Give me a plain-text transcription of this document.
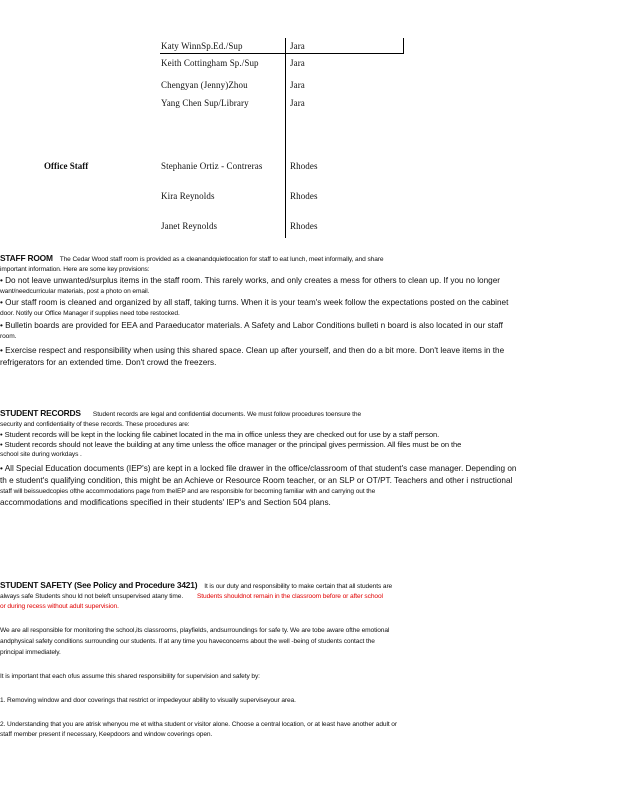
Katy WinnSp.Ed./Sup	Jara
Keith Cottingham Sp./Sup	Jara
Chengyan (Jenny)Zhou	Jara
Yang Chen Sup/Library	Jara
Office Staff	Stephanie Ortiz - Contreras	Rhodes
Kira Reynolds	Rhodes
Janet Reynolds	Rhodes

STAFF ROOM The Cedar Wood staff room is provided as a cleanandquietlocation for staff to eat lunch, meet informally, and share

important information. Here are some key provisions:

• Do not leave unwanted/surplus items in the staff room. This rarely works, and only creates a mess for others to clean up. If you no longer

want/needcurricular materials, post a photo on email.

• Our staff room is cleaned and organized by all staff, taking turns. When it is your team's week follow the expectations posted on the cabinet

door. Notify our Office Manager if supplies need tobe restocked.

• Bulletin boards are provided for EEA and Paraeducator materials. A Safety and Labor Conditions bulleti n board is also located in our staff

room.

• Exercise respect and responsibility when using this shared space. Clean up after yourself, and then do a bit more. Don't leave items in the

refrigerators for an extended time. Don't crowd the freezers.

STUDENT RECORDS Student records are legal and confidential documents. We must follow procedures toensure the

security and confidentiality of these records. These procedures are:

• Student records will be kept in the locking file cabinet located in the ma in office unless they are checked out for use by a staff person.

• Student records should not leave the building at any time unless the office manager or the principal gives permission. All files must be on the

school site during workdays .

• All Special Education documents (IEP's) are kept in a locked file drawer in the office/classroom of that student's case manager. Depending on

th e student's qualifying condition, this might be an Achieve or Resource Room teacher, or an SLP or OT/PT. Teachers and other i nstructional

staff will beissuedcopies ofthe accommodations page from theIEP and are responsible for becoming familiar with and carrying out the

accommodations and modifications specified in their students' IEP's and Section 504 plans.

STUDENT SAFETY (See Policy and Procedure 3421) It is our duty and responsibility to make certain that all students are

always safe Students shou ld not beleft unsupervised atany time. Students shouldnot remain in the classroom before or after school

or during recess without adult supervision.

We are all responsible for monitoring the school,its classrooms, playfields, andsurroundings for safe ty. We are tobe aware ofthe emotional

andphysical safety conditions surrounding our students. If at any time you haveconcerns about the well -being of students contact the

principal immediately.

It is important that each ofus assume this shared responsibility for supervision and safety by:

1. Removing window and door coverings that restrict or impedeyour ability to visually superviseyour area.

2. Understanding that you are atrisk whenyou me et witha student or visitor alone. Choose a central location, or at least have another adult or

staff member present if necessary, Keepdoors and window coverings open.
